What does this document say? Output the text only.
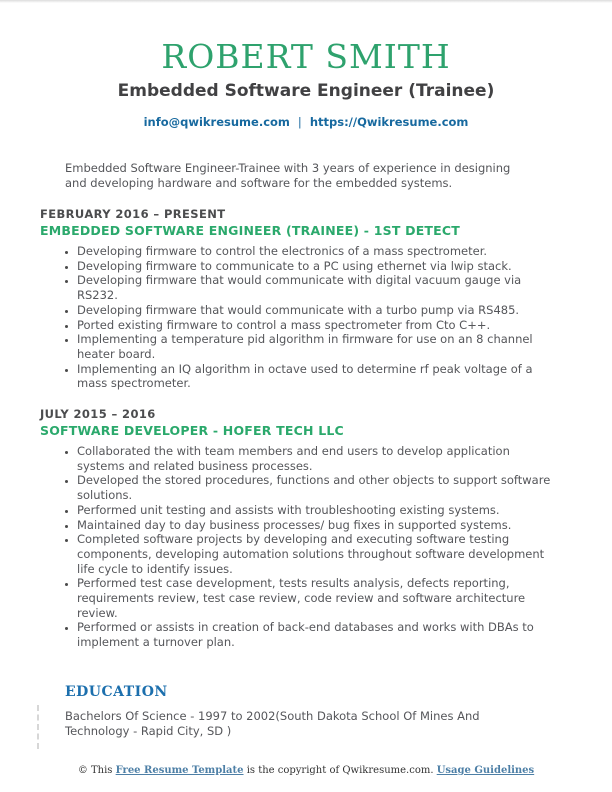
ROBERT SMITH
Embedded Software Engineer (Trainee)
info@qwikresume.com | https://Qwikresume.com

Embedded Software Engineer-Trainee with 3 years of experience in designing and developing hardware and software for the embedded systems.

FEBRUARY 2016 – PRESENT
EMBEDDED SOFTWARE ENGINEER (TRAINEE) - 1ST DETECT
• Developing firmware to control the electronics of a mass spectrometer.
• Developing firmware to communicate to a PC using ethernet via lwip stack.
• Developing firmware that would communicate with digital vacuum gauge via RS232.
• Developing firmware that would communicate with a turbo pump via RS485.
• Ported existing firmware to control a mass spectrometer from Cto C++.
• Implementing a temperature pid algorithm in firmware for use on an 8 channel heater board.
• Implementing an IQ algorithm in octave used to determine rf peak voltage of a mass spectrometer.
JULY 2015 – 2016
SOFTWARE DEVELOPER - HOFER TECH LLC
• Collaborated the with team members and end users to develop application systems and related business processes.
• Developed the stored procedures, functions and other objects to support software solutions.
• Performed unit testing and assists with troubleshooting existing systems.
• Maintained day to day business processes/ bug fixes in supported systems.
• Completed software projects by developing and executing software testing components, developing automation solutions throughout software development life cycle to identify issues.
• Performed test case development, tests results analysis, defects reporting, requirements review, test case review, code review and software architecture review.
• Performed or assists in creation of back-end databases and works with DBAs to implement a turnover plan.
EDUCATION

Bachelors Of Science - 1997 to 2002(South Dakota School Of Mines And Technology - Rapid City, SD )

© This Free Resume Template is the copyright of Qwikresume.com. Usage Guidelines
